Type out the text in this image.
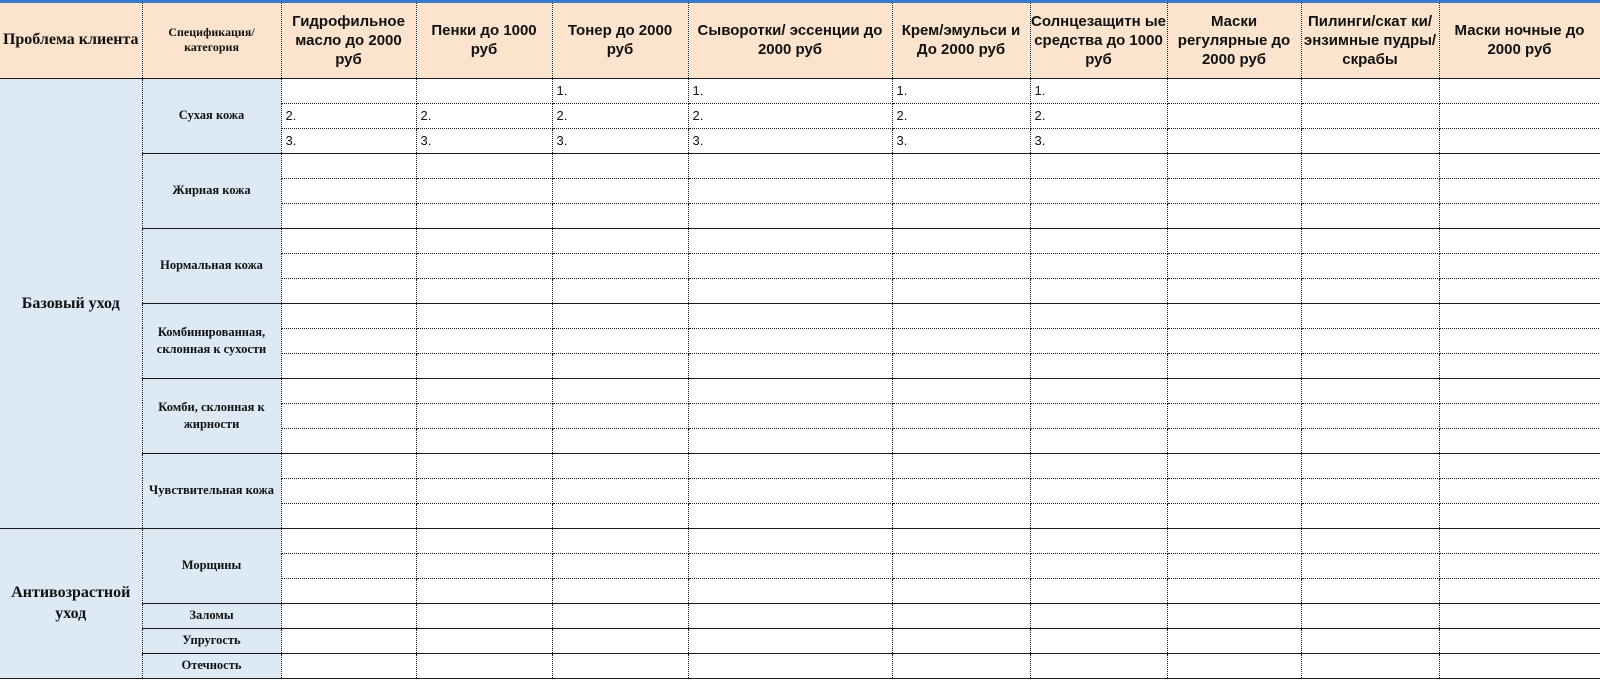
Проблема клиента	Спецификация/категория	Гидрофильное масло до 2000 руб	Пенки до 1000 руб	Тонер до 2000 руб	Сыворотки/ эссенции до 2000 руб	Крем/эмульси и До 2000 руб	Солнцезащитн ые средства до 1000 руб	Маски регулярные до 2000 руб	Пилинги/скат ки/ энзимные пудры/скрабы	Маски ночные до 2000 руб
Базовый уход	Сухая кожа			1.	1.	1.	1.			
		2.	2.	2.	2.	2.	2.			
		3.	3.	3.	3.	3.	3.			
	Жирная кожа									

	Нормальная кожа									

	Комбинированная, склонная к сухости									

	Комби, склонная к жирности									

	Чувствительная кожа									

Антивозрастной уход	Морщины									

	Заломы									
	Упругость									
	Отечность									
